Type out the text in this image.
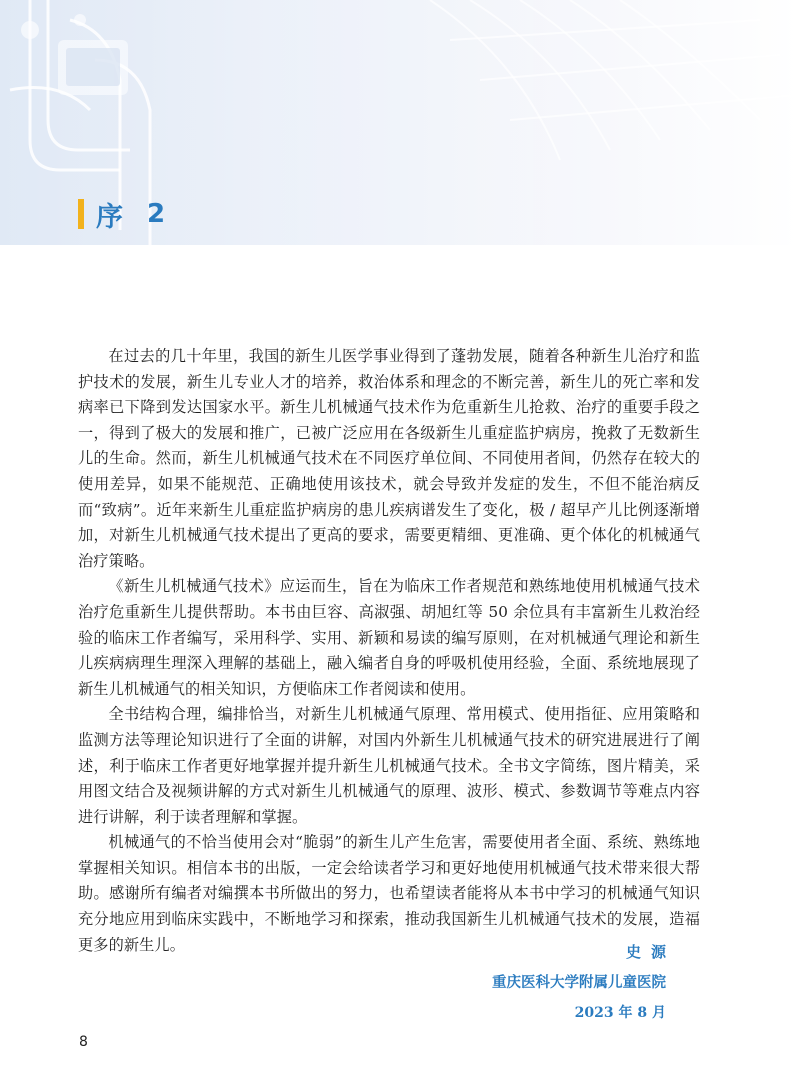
序 2

在过去的几十年里，我国的新生儿医学事业得到了蓬勃发展，随着各种新生儿治疗和监护技术的发展，新生儿专业人才的培养，救治体系和理念的不断完善，新生儿的死亡率和发病率已下降到发达国家水平。新生儿机械通气技术作为危重新生儿抢救、治疗的重要手段之一，得到了极大的发展和推广，已被广泛应用在各级新生儿重症监护病房，挽救了无数新生儿的生命。然而，新生儿机械通气技术在不同医疗单位间、不同使用者间，仍然存在较大的使用差异，如果不能规范、正确地使用该技术，就会导致并发症的发生，不但不能治病反而“致病”。近年来新生儿重症监护病房的患儿疾病谱发生了变化，极 / 超早产儿比例逐渐增加，对新生儿机械通气技术提出了更高的要求，需要更精细、更准确、更个体化的机械通气治疗策略。

《新生儿机械通气技术》应运而生，旨在为临床工作者规范和熟练地使用机械通气技术治疗危重新生儿提供帮助。本书由巨容、高淑强、胡旭红等 50 余位具有丰富新生儿救治经验的临床工作者编写，采用科学、实用、新颖和易读的编写原则，在对机械通气理论和新生儿疾病病理生理深入理解的基础上，融入编者自身的呼吸机使用经验，全面、系统地展现了新生儿机械通气的相关知识，方便临床工作者阅读和使用。

全书结构合理，编排恰当，对新生儿机械通气原理、常用模式、使用指征、应用策略和监测方法等理论知识进行了全面的讲解，对国内外新生儿机械通气技术的研究进展进行了阐述，利于临床工作者更好地掌握并提升新生儿机械通气技术。全书文字简练，图片精美，采用图文结合及视频讲解的方式对新生儿机械通气的原理、波形、模式、参数调节等难点内容进行讲解，利于读者理解和掌握。

机械通气的不恰当使用会对“脆弱”的新生儿产生危害，需要使用者全面、系统、熟练地掌握相关知识。相信本书的出版，一定会给读者学习和更好地使用机械通气技术带来很大帮助。感谢所有编者对编撰本书所做出的努力，也希望读者能将从本书中学习的机械通气知识充分地应用到临床实践中，不断地学习和探索，推动我国新生儿机械通气技术的发展，造福更多的新生儿。	史源
重庆医科大学附属儿童医院
2023 年 8 月
8
